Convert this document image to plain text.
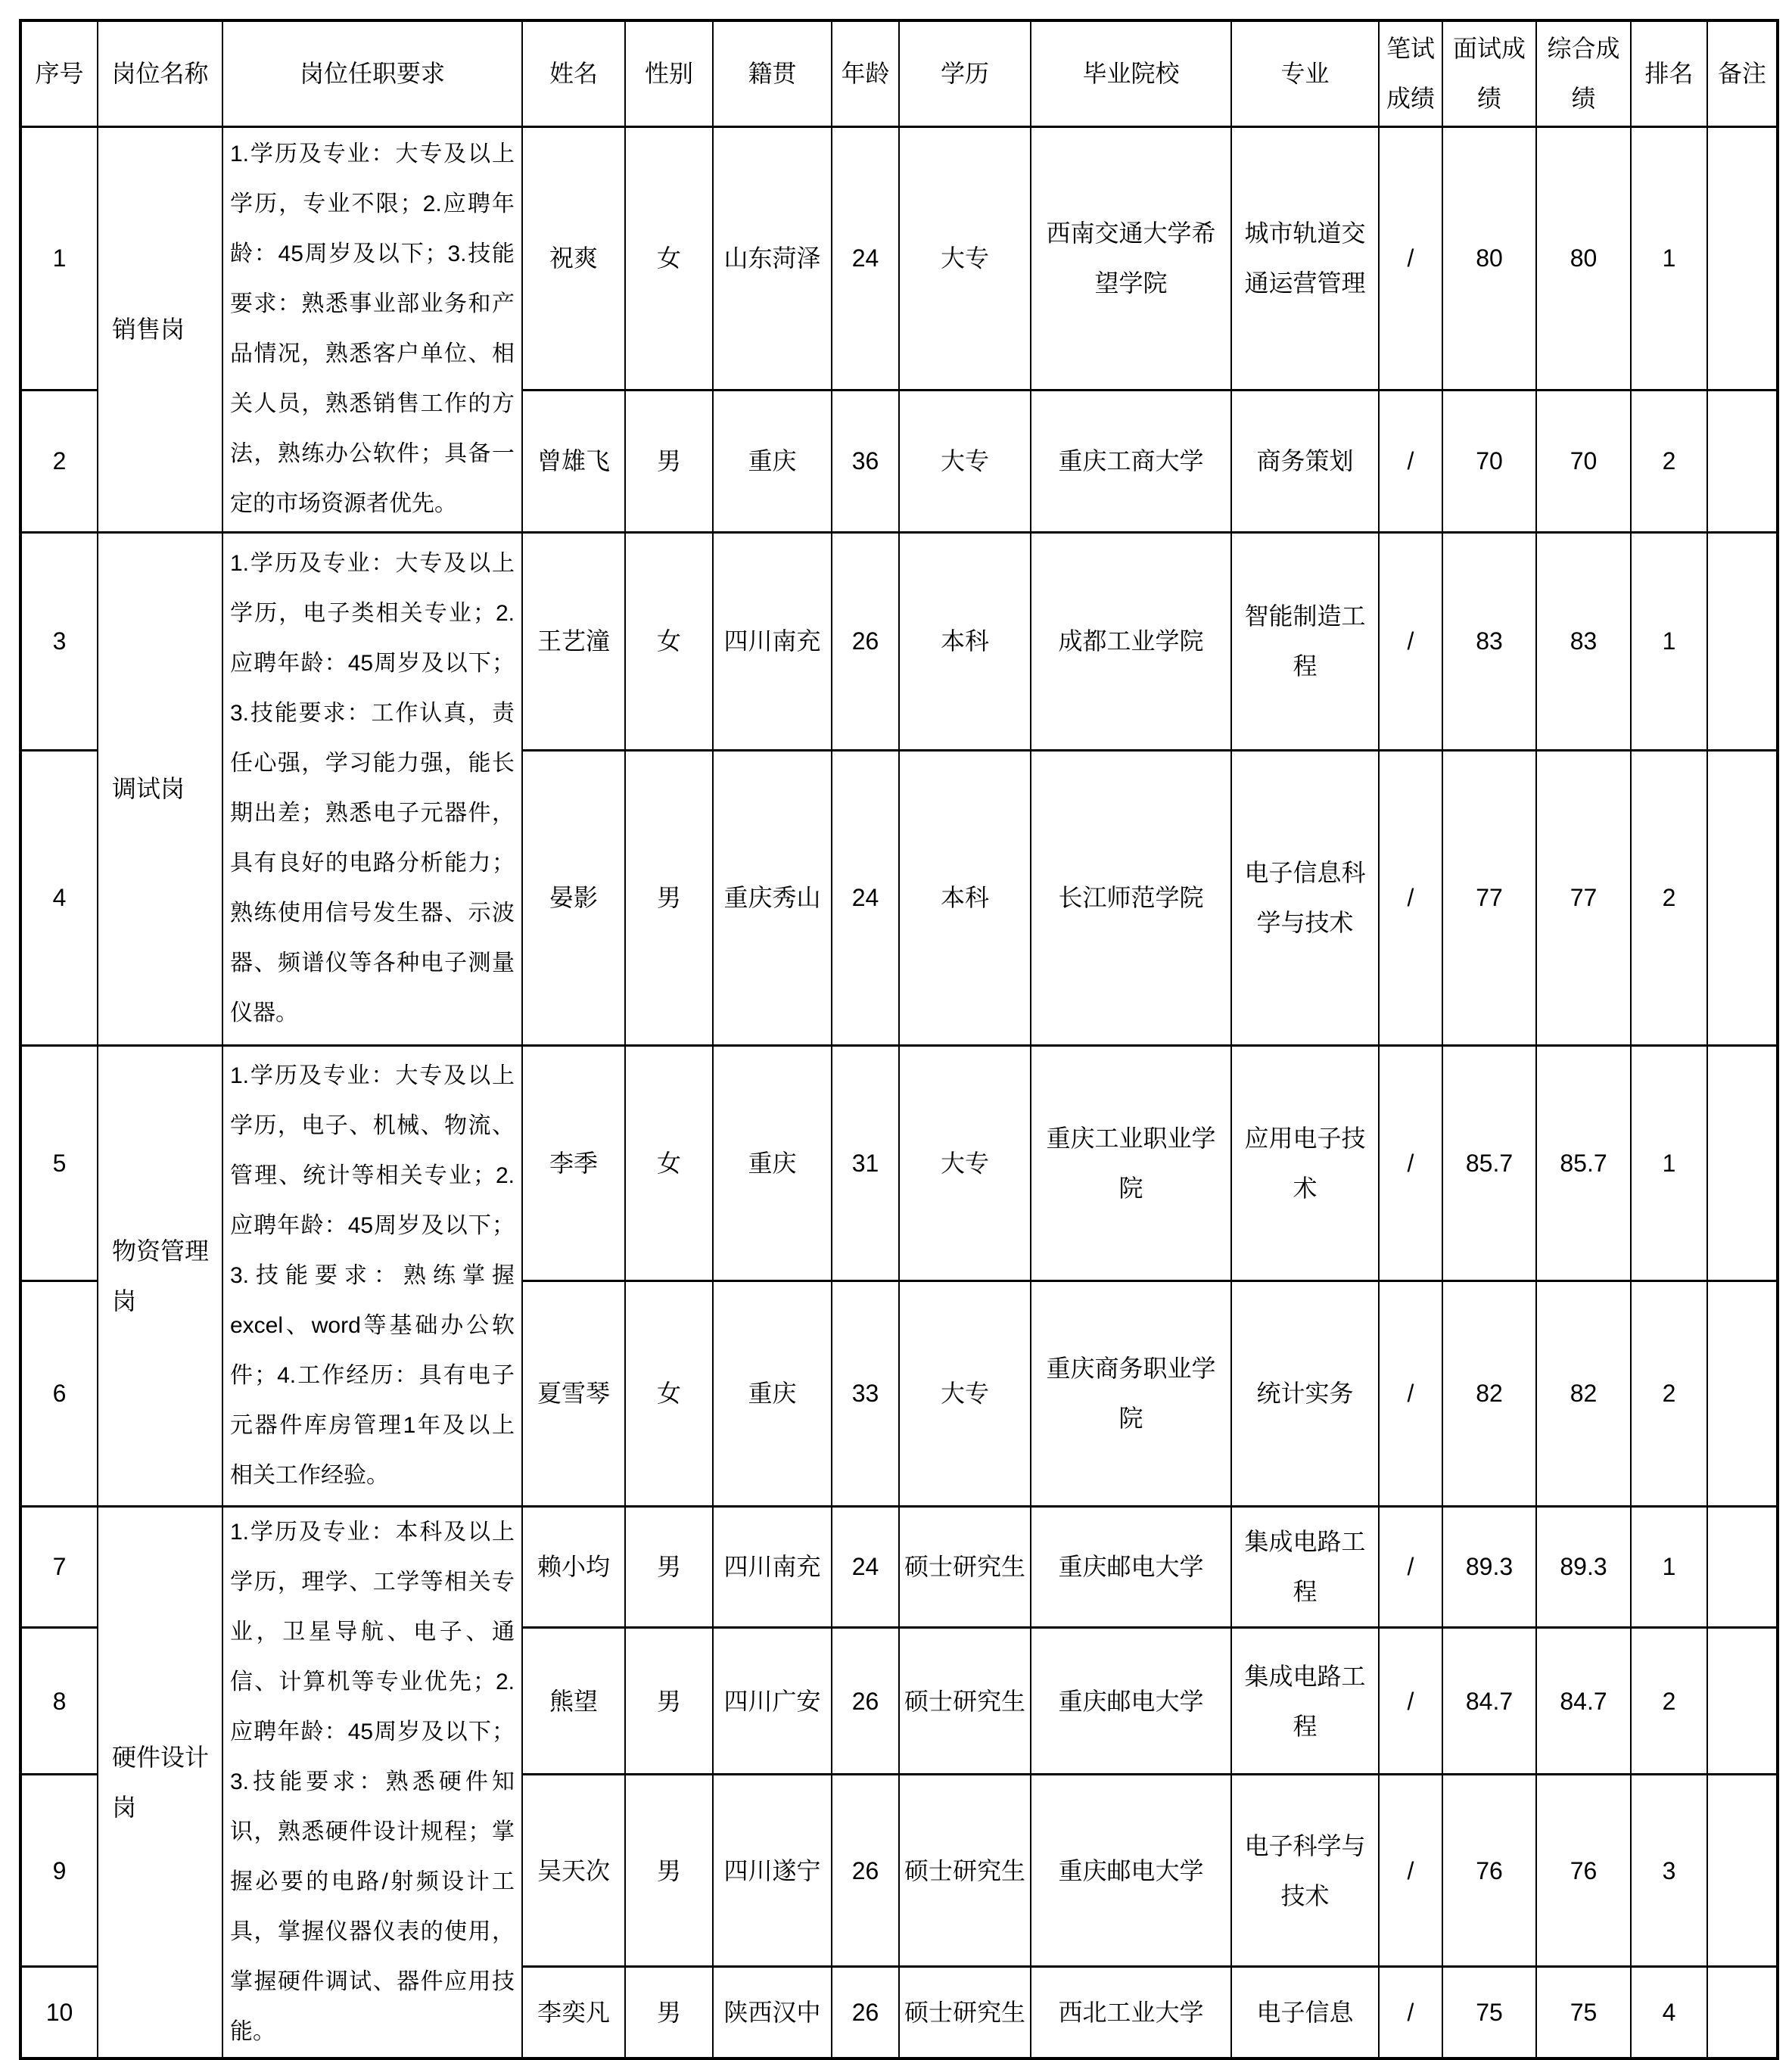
序号	岗位名称	岗位任职要求	姓名	性别	籍贯	年龄	学历	毕业院校	专业	笔试成绩	面试成绩	综合成绩	排名	备注
1	销售岗	1.学历及专业：大专及以上学历，专业不限；2.应聘年龄：45周岁及以下；3.技能要求：熟悉事业部业务和产品情况，熟悉客户单位、相关人员，熟悉销售工作的方法，熟练办公软件；具备一定的市场资源者优先。	祝爽	女	山东菏泽	24	大专	西南交通大学希望学院	城市轨道交通运营管理	/	80	80	1	
2			曾雄飞	男	重庆	36	大专	重庆工商大学	商务策划	/	70	70	2	
3	调试岗	1.学历及专业：大专及以上学历，电子类相关专业；2.应聘年龄：45周岁及以下；3.技能要求：工作认真，责任心强，学习能力强，能长期出差；熟悉电子元器件，具有良好的电路分析能力；熟练使用信号发生器、示波器、频谱仪等各种电子测量仪器。	王艺潼	女	四川南充	26	本科	成都工业学院	智能制造工程	/	83	83	1	
4			晏影	男	重庆秀山	24	本科	长江师范学院	电子信息科学与技术	/	77	77	2	
5	物资管理岗	1.学历及专业：大专及以上学历，电子、机械、物流、管理、统计等相关专业；2.应聘年龄：45周岁及以下；3.技能要求：熟练掌握excel、word等基础办公软件；4.工作经历：具有电子元器件库房管理1年及以上相关工作经验。	李季	女	重庆	31	大专	重庆工业职业学院	应用电子技术	/	85.7	85.7	1	
6			夏雪琴	女	重庆	33	大专	重庆商务职业学院	统计实务	/	82	82	2	
7	硬件设计岗	1.学历及专业：本科及以上学历，理学、工学等相关专业，卫星导航、电子、通信、计算机等专业优先；2.应聘年龄：45周岁及以下；3.技能要求：熟悉硬件知识，熟悉硬件设计规程；掌握必要的电路/射频设计工具，掌握仪器仪表的使用，掌握硬件调试、器件应用技能。	赖小均	男	四川南充	24	硕士研究生	重庆邮电大学	集成电路工程	/	89.3	89.3	1	
8			熊望	男	四川广安	26	硕士研究生	重庆邮电大学	集成电路工程	/	84.7	84.7	2	
9			吴天次	男	四川遂宁	26	硕士研究生	重庆邮电大学	电子科学与技术	/	76	76	3	
10			李奕凡	男	陕西汉中	26	硕士研究生	西北工业大学	电子信息	/	75	75	4	
